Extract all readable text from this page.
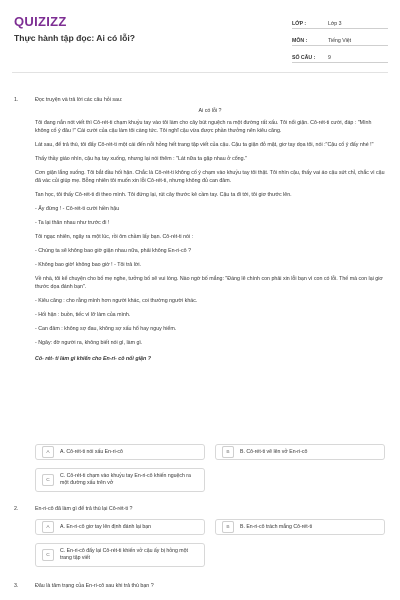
QUIZIZZ
Thực hành tập đọc: Ai có lỗi?
LỚP :	Lớp 3
MÔN :	Tiếng Việt
SỐ CÂU :	9
1.	Đọc truyện và trả lời các câu hỏi sau:

Ai có lỗi ?

Tôi đang nắn nót viết thì Cô-rét-ti chạm khuỷu tay vào tôi làm cho cây bút nguệch ra một đường rất xấu. Tôi nổi giận. Cô-rét-ti cười, đáp : "Mình không cố ý đâu !" Cái cười của cậu làm tôi càng tức. Tôi nghĩ cậu vừa được phần thưởng nên kiêu căng.

Lát sau, để trả thù, tôi đẩy Cô-rét-ti một cái đến nỗi hỏng hết trang tập viết của cậu. Cậu ta giận đỏ mặt, giơ tay dọa tôi, nói :"Cậu cố ý đấy nhé !"

Thấy thầy giáo nhìn, cậu hạ tay xuống, nhưng lại nói thêm : "Lát nữa ta gặp nhau ở cổng."

Cơn giận lắng xuống. Tôi bắt đầu hối hận. Chắc là Cô-rét-ti không cố ý chạm vào khuỷu tay tôi thật. Tôi nhìn cậu, thấy vai áo cậu sứt chỉ, chắc vì cậu đã vác củi giúp mẹ. Bỗng nhiên tôi muốn xin lỗi Cô-rét-ti, nhưng không đủ can đảm.

Tan học, tôi thấy Cô-rét-ti đi theo mình. Tôi đứng lại, rút cây thước kẻ cầm tay. Cậu ta đi tới, tôi giơ thước lên.

- Ấy đừng ! - Cô-rét-ti cười hiền hậu

- Ta lại thân nhau như trước đi !

Tôi ngạc nhiên, ngây ra một lúc, rồi ôm chầm lấy bạn. Cô-rét-ti nói :

- Chúng ta sẽ không bao giờ giận nhau nữa, phải không En-ri-cô ?

- Không bao giờ! không bao giờ ! - Tôi trả lời.

Về nhà, tôi kể chuyện cho bố mẹ nghe, tưởng bố sẽ vui lòng. Nào ngờ bố mắng: "Đáng lẽ chính con phải xin lỗi bạn vì con có lỗi. Thế mà con lại giơ thước dọa đánh bạn".

- Kiêu căng : cho rằng mình hơn người khác, coi thường người khác.

- Hối hận : buồn, tiếc vì lỡ làm của mình.

- Can đảm : không sợ đau, không sợ xấu hổ hay nguy hiểm.

- Ngây: đờ người ra, không biết nói gì, làm gì.

Cô- rét- ti làm gì khiến cho En-ri- cô nổi giận ?

A	A. Cô-rét-ti nói xấu En-ri-cô	B	B. Cô-rét-ti vẽ lên vở En-ri-cô
C
C. Cô-rét-ti chạm vào khuỷu tay En-ri-cô khiến nguệch ra một đường xấu trên vở
2.	En-ri-cô đã làm gì để trả thù lại Cô-rét-ti ?

A	A. En-ri-cô giơ tay lên định đánh lại bạn	B	B. En-ri-cô trách mắng Cô-rét-ti
C
C. En-ri-cô đẩy lại Cô-rét-ti khiến vở cậu ấy bị hỏng một trang tập viết
3.	Đâu là tâm trạng của En-ri-cô sau khi trả thù bạn ?
